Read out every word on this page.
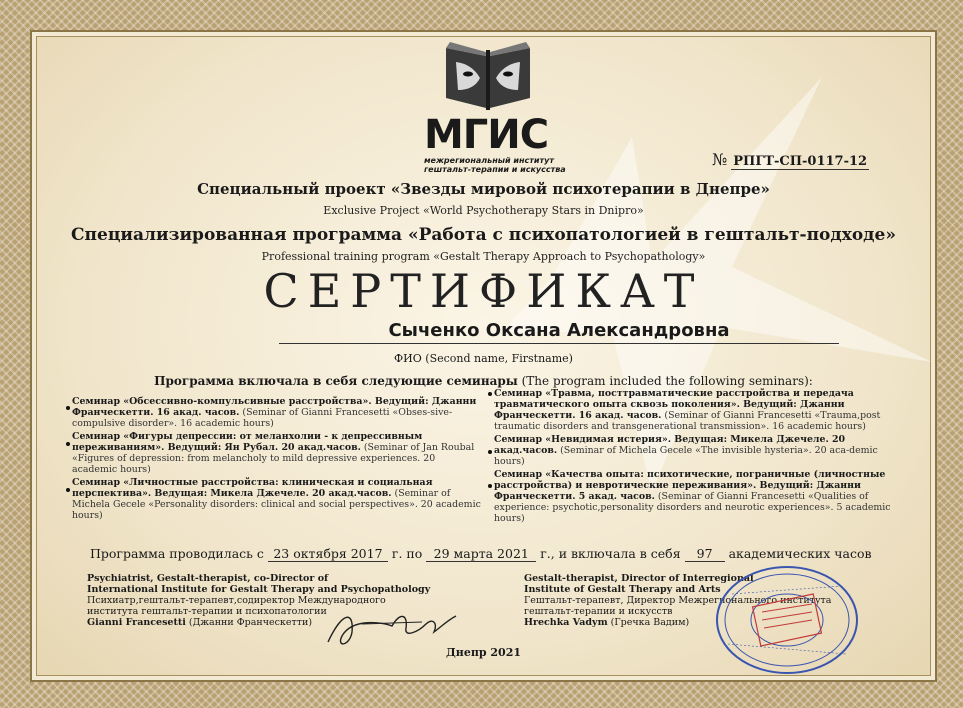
МГИС
межрегиональный институт
гештальт-терапии и искусства
№ РПГТ-СП-0117-12
Специальный проект «Звезды мировой психотерапии в Днепре»
Exclusive Project «World Psychotherapy Stars in Dnipro»
Специализированная программа «Работа с психопатологией в гештальт-подходе»
Professional training program «Gestalt Therapy Approach to Psychopathology»
СЕРТИФИКАТ
Сыченко Оксана Александровна
ФИО (Second name, Firstname)
Программа включала в себя следующие семинары (The program included the following seminars):
Семинар «Обсессивно-компульсивные расстройства». Ведущий: Джанни Франческетти. 16 акад. часов. (Seminar of Gianni Francesetti «Obses-sive-compulsive disorder». 16 academic hours)
Семинар «Фигуры депрессии: от меланхолии - к депрессивным переживаниям». Ведущий: Ян Рубал. 20 акад.часов. (Seminar of Jan Roubal «Figures of depression: from melancholy to mild depressive experiences. 20 academic hours)
Семинар «Личностные расстройства: клиническая и социальная перспектива». Ведущая: Микела Джечеле. 20 акад.часов. (Seminar of Michela Gecele «Personality disorders: clinical and social perspectives». 20 academic hours)
Семинар «Травма, посттравматические расстройства и передача травматического опыта сквозь поколения». Ведущий: Джанни Франческетти. 16 акад. часов. (Seminar of Gianni Francesetti «Trauma,post traumatic disorders and transgenerational transmission». 16 academic hours)
Семинар «Невидимая истерия». Ведущая: Микела Джечеле. 20 акад.часов. (Seminar of Michela Gecele «The invisible hysteria». 20 aca-demic hours)
Семинар «Качества опыта: психотические, пограничные (личностные расстройства) и невротические переживания». Ведущий: Джанни Франческетти. 5 акад. часов. (Seminar of Gianni Francesetti «Qualities of experience: psychotic,personality disorders and neurotic experiences». 5 academic hours)
Программа проводилась с 23 октября 2017 г. по 29 марта 2021 г., и включала в себя 97 академических часов
Psychiatrist, Gestalt-therapist, co-Director of
International Institute for Gestalt Therapy and Psychopathology
Психиатр,гештальт-терапевт,содиректор Международного
института гештальт-терапии и психопатологии
Gianni Francesetti (Джанни Франческетти)
Gestalt-therapist, Director of Interregional
Institute of Gestalt Therapy and Arts
Гештальт-терапевт, Директор Межрегионального института
гештальт-терапии и искусств
Hrechka Vadym (Гречка Вадим)
Днепр 2021
